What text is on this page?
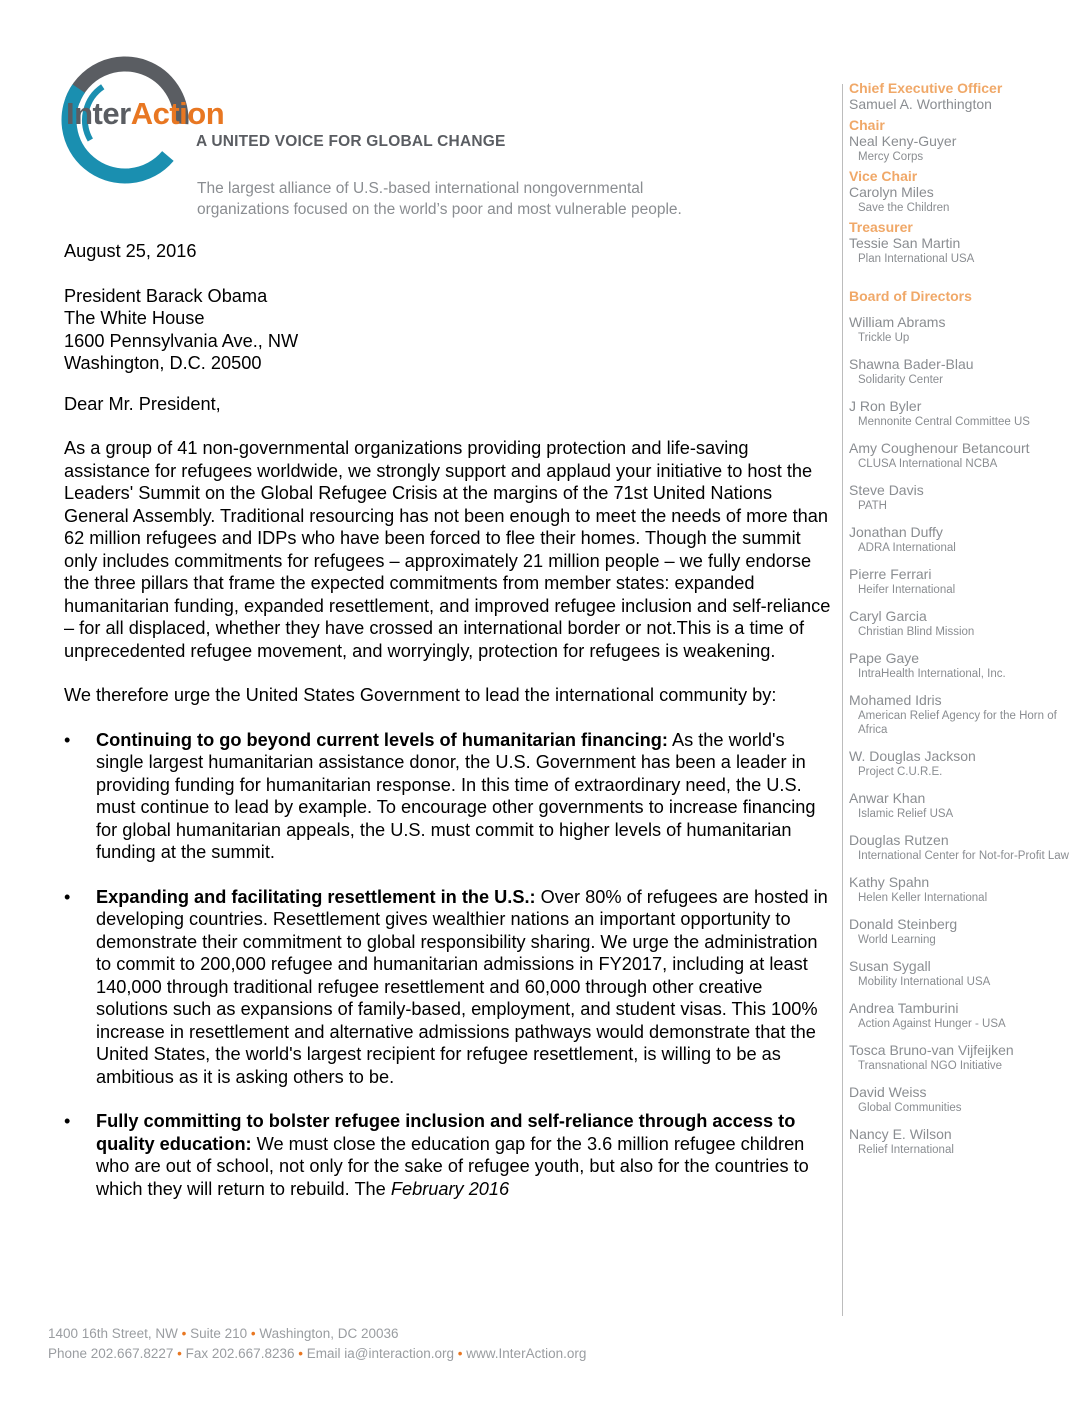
InterAction
A UNITED VOICE FOR GLOBAL CHANGE
The largest alliance of U.S.-based international nongovernmental
organizations focused on the world’s poor and most vulnerable people.

August 25, 2016

President Barack Obama

The White House

1600 Pennsylvania Ave., NW

Washington, D.C. 20500

Dear Mr. President,

As a group of 41 non-governmental organizations providing protection and life-saving assistance for refugees worldwide, we strongly support and applaud your initiative to host the Leaders' Summit on the Global Refugee Crisis at the margins of the 71st United Nations General Assembly. Traditional resourcing has not been enough to meet the needs of more than 62 million refugees and IDPs who have been forced to flee their homes. Though the summit only includes commitments for refugees – approximately 21 million people – we fully endorse the three pillars that frame the expected commitments from member states: expanded humanitarian funding, expanded resettlement, and improved refugee inclusion and self-reliance – for all displaced, whether they have crossed an international border or not.This is a time of unprecedented refugee movement, and worryingly, protection for refugees is weakening.

We therefore urge the United States Government to lead the international community by:

• Continuing to go beyond current levels of humanitarian financing: As the world's single largest humanitarian assistance donor, the U.S. Government has been a leader in providing funding for humanitarian response. In this time of extraordinary need, the U.S. must continue to lead by example. To encourage other governments to increase financing for global humanitarian appeals, the U.S. must commit to higher levels of humanitarian funding at the summit.
• Expanding and facilitating resettlement in the U.S.: Over 80% of refugees are hosted in developing countries. Resettlement gives wealthier nations an important opportunity to demonstrate their commitment to global responsibility sharing. We urge the administration to commit to 200,000 refugee and humanitarian admissions in FY2017, including at least 140,000 through traditional refugee resettlement and 60,000 through other creative solutions such as expansions of family-based, employment, and student visas. This 100% increase in resettlement and alternative admissions pathways would demonstrate that the United States, the world's largest recipient for refugee resettlement, is willing to be as ambitious as it is asking others to be.
• Fully committing to bolster refugee inclusion and self-reliance through access to quality education: We must close the education gap for the 3.6 million refugee children who are out of school, not only for the sake of refugee youth, but also for the countries to which they will return to rebuild. The February 2016
Chief Executive Officer
Samuel A. Worthington
Chair
Neal Keny-Guyer
Mercy Corps
Vice Chair
Carolyn Miles
Save the Children
Treasurer
Tessie San Martin
Plan International USA
Board of Directors
William Abrams
Trickle Up
Shawna Bader-Blau
Solidarity Center
J Ron Byler
Mennonite Central Committee US
Amy Coughenour Betancourt
CLUSA International NCBA
Steve Davis
PATH
Jonathan Duffy
ADRA International
Pierre Ferrari
Heifer International
Caryl Garcia
Christian Blind Mission
Pape Gaye
IntraHealth International, Inc.
Mohamed Idris
American Relief Agency for the Horn of Africa
W. Douglas Jackson
Project C.U.R.E.
Anwar Khan
Islamic Relief USA
Douglas Rutzen
International Center for Not-for-Profit Law
Kathy Spahn
Helen Keller International
Donald Steinberg
World Learning
Susan Sygall
Mobility International USA
Andrea Tamburini
Action Against Hunger - USA
Tosca Bruno-van Vijfeijken
Transnational NGO Initiative
David Weiss
Global Communities
Nancy E. Wilson
Relief International
1400 16th Street, NW • Suite 210 • Washington, DC 20036
Phone 202.667.8227 • Fax 202.667.8236 • Email ia@interaction.org • www.InterAction.org
